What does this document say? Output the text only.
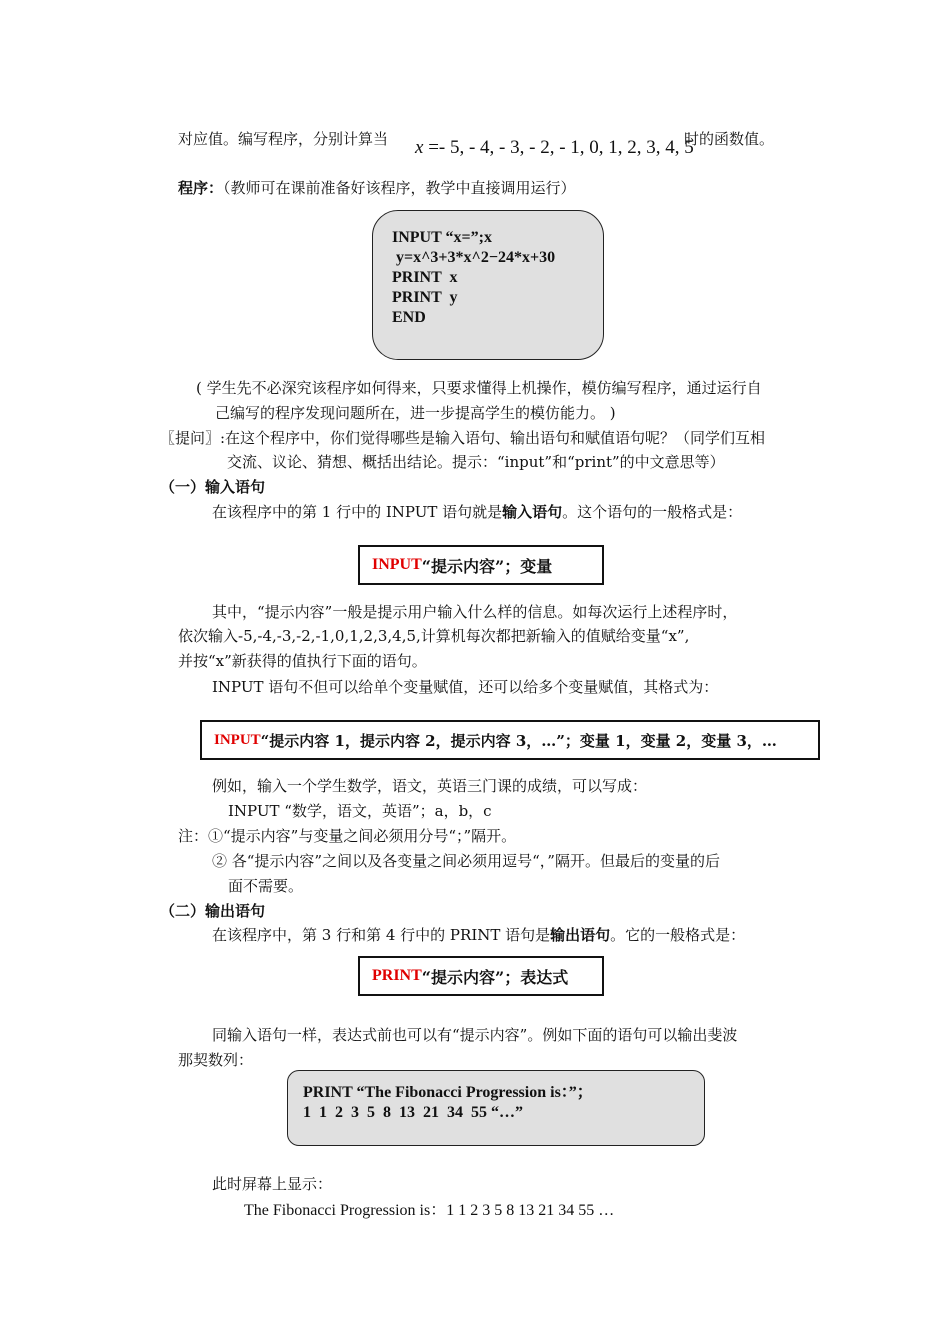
对应值。编写程序，分别计算当 x =- 5, - 4, - 3, - 2, - 1, 0, 1, 2, 3, 4, 5
时的函数值。
程序：（教师可在课前准备好该程序，教学中直接调用运行）
INPUT “x=”;x
y=x^3+3*x^2−24*x+30
PRINT  x
PRINT  y
END
( 学生先不必深究该程序如何得来，只要求懂得上机操作，模仿编写程序，通过运行自
己编写的程序发现问题所在，进一步提高学生的模仿能力。 )
〖提问〗:在这个程序中，你们觉得哪些是输入语句、输出语句和赋值语句呢？（同学们互相
交流、议论、猜想、概括出结论。提示：“input”和“print”的中文意思等）
（一）输入语句
在该程序中的第 1 行中的 INPUT 语句就是输入语句。这个语句的一般格式是：
INPUT “提示内容”；变量
其中，“提示内容”一般是提示用户输入什么样的信息。如每次运行上述程序时，
依次输入-5,-4,-3,-2,-1,0,1,2,3,4,5,计算机每次都把新输入的值赋给变量“x”,
并按“x”新获得的值执行下面的语句。
INPUT 语句不但可以给单个变量赋值，还可以给多个变量赋值，其格式为：
INPUT “提示内容 1，提示内容 2，提示内容 3，…”；变量 1，变量 2，变量 3，…
例如，输入一个学生数学，语文，英语三门课的成绩，可以写成：
INPUT “数学，语文，英语”；a，b，c
注：①“提示内容”与变量之间必须用分号“；”隔开。
② 各“提示内容”之间以及各变量之间必须用逗号“，”隔开。但最后的变量的后
面不需要。
（二）输出语句
在该程序中，第 3 行和第 4 行中的 PRINT 语句是输出语句。它的一般格式是：
PRINT “提示内容”；表达式
同输入语句一样，表达式前也可以有“提示内容”。例如下面的语句可以输出斐波
那契数列：
PRINT “The Fibonacci Progression is：”；
1  1  2  3  5  8  13  21  34  55 “…”
此时屏幕上显示：
The Fibonacci Progression is：1 1 2 3 5 8 13 21 34 55 …
